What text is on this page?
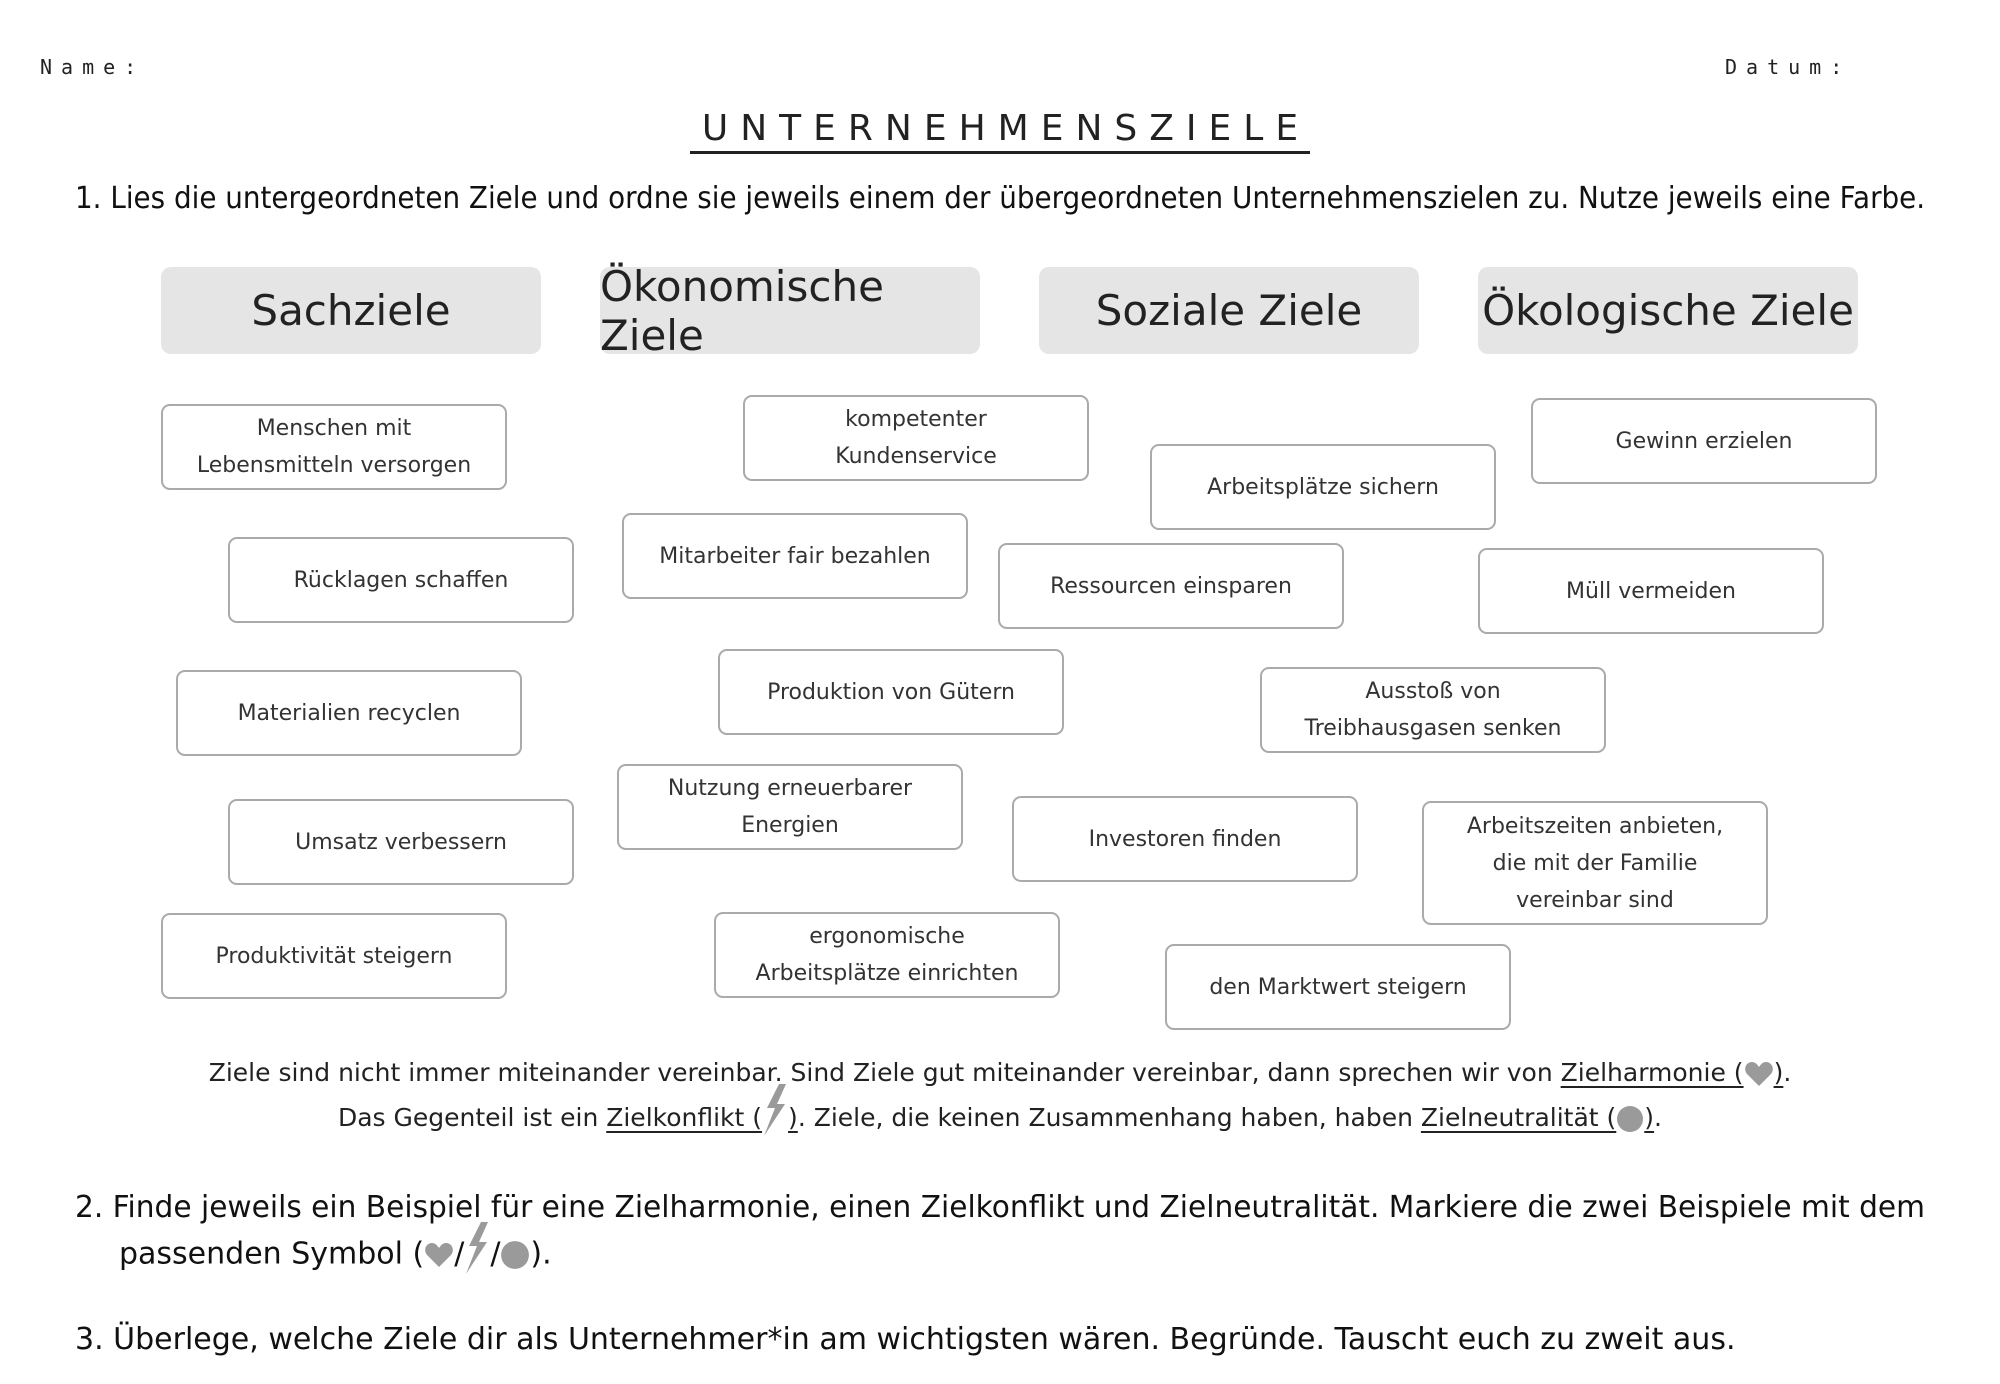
Name:	Datum:
UNTERNEHMENSZIELE
1. Lies die untergeordneten Ziele und ordne sie jeweils einem der übergeordneten Unternehmenszielen zu. Nutze jeweils eine Farbe.
Sachziele	Ökonomische Ziele	Soziale Ziele	Ökologische Ziele
Menschen mit
Lebensmitteln versorgen
kompetenter
Kundenservice
Gewinn erzielen
Arbeitsplätze sichern
Rücklagen schaffen
Mitarbeiter fair bezahlen
Ressourcen einsparen	Müll vermeiden
Materialien recyclen
Produktion von Gütern	Ausstoß von
Treibhausgasen senken
Nutzung erneuerbarer
Energien
Umsatz verbessern	Investoren finden
Arbeitszeiten anbieten,
die mit der Familie
vereinbar sind
Produktivität steigern
ergonomische
Arbeitsplätze einrichten
den Marktwert steigern
Ziele sind nicht immer miteinander vereinbar. Sind Ziele gut miteinander vereinbar, dann sprechen wir von Zielharmonie ( ).
Das Gegenteil ist ein Zielkonflikt ( ). Ziele, die keinen Zusammenhang haben, haben Zielneutralität ( ).
2. Finde jeweils ein Beispiel für eine Zielharmonie, einen Zielkonflikt und Zielneutralität. Markiere die zwei Beispiele mit dem
passenden Symbol ( / / ).
3. Überlege, welche Ziele dir als Unternehmer*in am wichtigsten wären. Begründe. Tauscht euch zu zweit aus.
